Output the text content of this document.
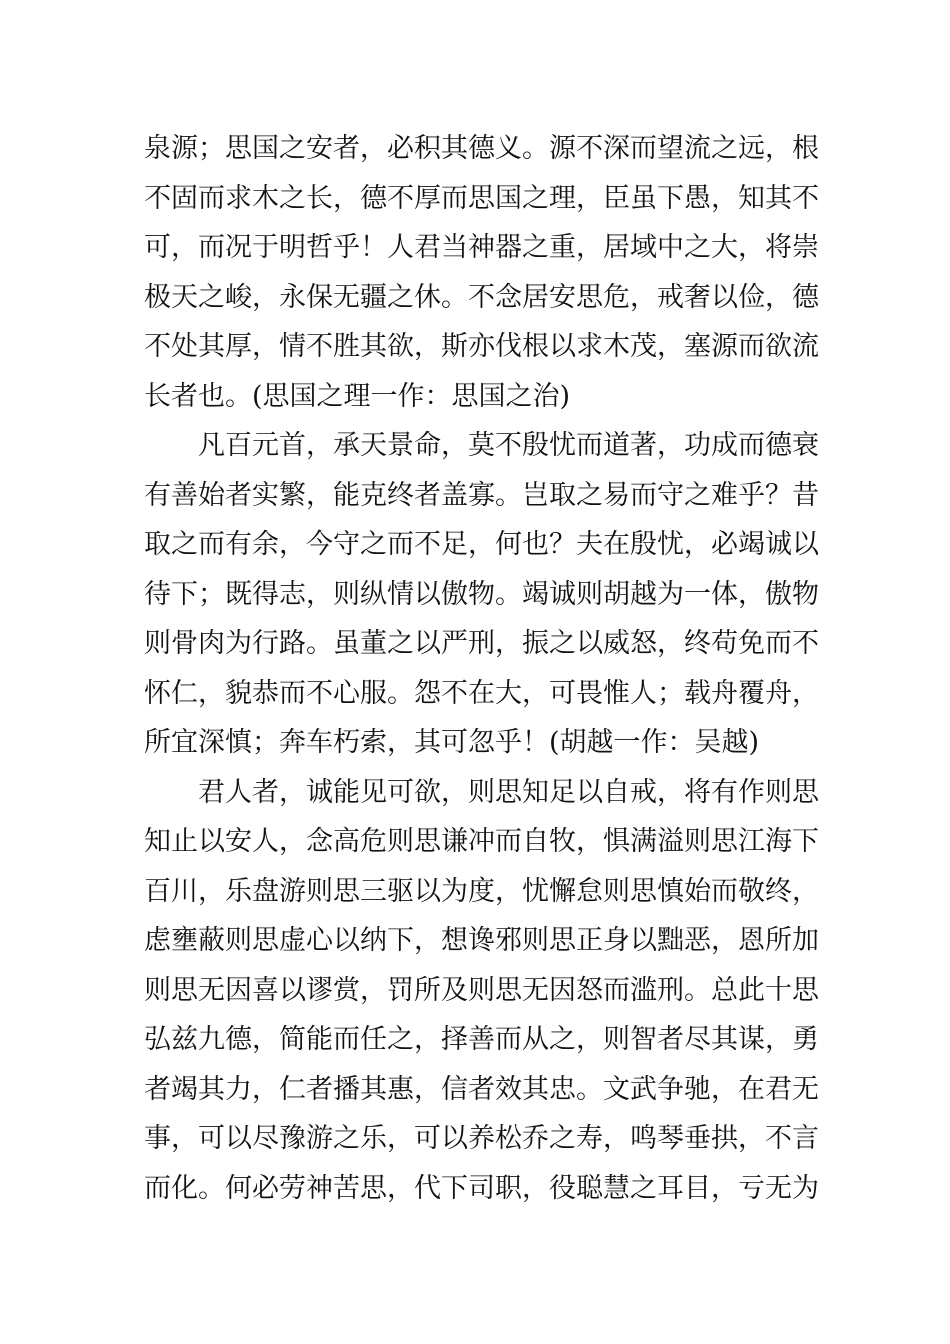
泉源；思国之安者，必积其德义。源不深而望流之远，根
不固而求木之长，德不厚而思国之理，臣虽下愚，知其不
可，而况于明哲乎！人君当神器之重，居域中之大，将崇
极天之峻，永保无疆之休。不念居安思危，戒奢以俭，德
不处其厚，情不胜其欲，斯亦伐根以求木茂，塞源而欲流
长者也。(思国之理一作：思国之治)
凡百元首，承天景命，莫不殷忧而道著，功成而德衰
有善始者实繁，能克终者盖寡。岂取之易而守之难乎？昔
取之而有余，今守之而不足，何也？夫在殷忧，必竭诚以
待下；既得志，则纵情以傲物。竭诚则胡越为一体，傲物
则骨肉为行路。虽董之以严刑，振之以威怒，终苟免而不
怀仁，貌恭而不心服。怨不在大，可畏惟人；载舟覆舟，
所宜深慎；奔车朽索，其可忽乎！(胡越一作：吴越)
君人者，诚能见可欲，则思知足以自戒，将有作则思
知止以安人，念高危则思谦冲而自牧，惧满溢则思江海下
百川，乐盘游则思三驱以为度，忧懈怠则思慎始而敬终，
虑壅蔽则思虚心以纳下，想谗邪则思正身以黜恶，恩所加
则思无因喜以谬赏，罚所及则思无因怒而滥刑。总此十思
弘兹九德，简能而任之，择善而从之，则智者尽其谋，勇
者竭其力，仁者播其惠，信者效其忠。文武争驰，在君无
事，可以尽豫游之乐，可以养松乔之寿，鸣琴垂拱，不言
而化。何必劳神苦思，代下司职，役聪慧之耳目，亏无为
